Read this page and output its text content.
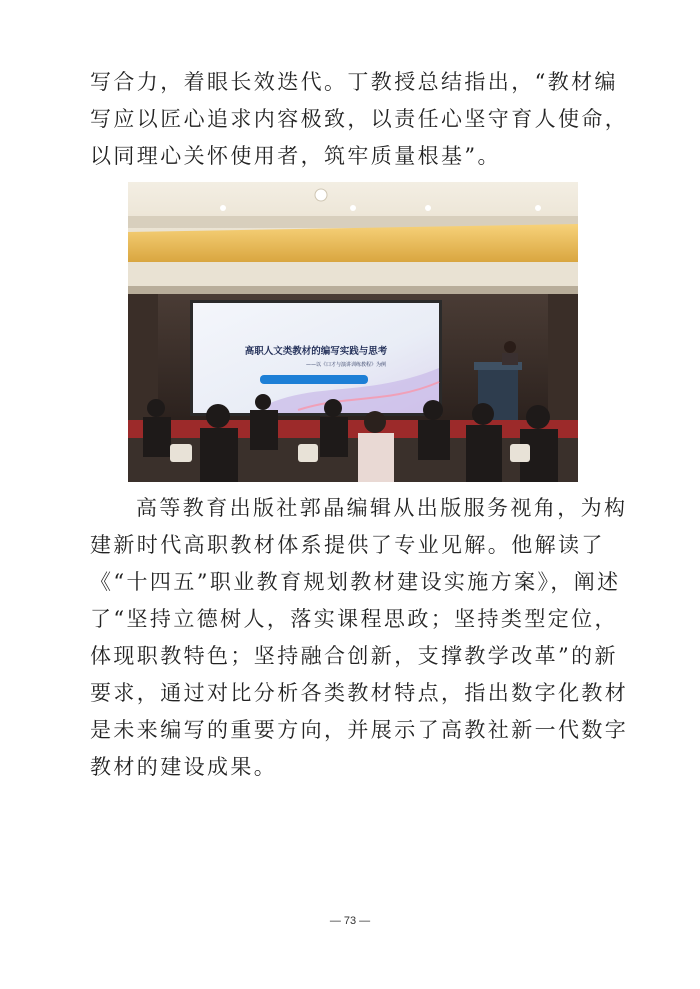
写合力，着眼长效迭代。丁教授总结指出，“教材编写应以匠心追求内容极致，以责任心坚守育人使命，以同理心关怀使用者，筑牢质量根基”。

高职人文类教材的编写实践与思考
——以《口才与演讲训练教程》为例

高等教育出版社郭晶编辑从出版服务视角，为构建新时代高职教材体系提供了专业见解。他解读了《“十四五”职业教育规划教材建设实施方案》，阐述了“坚持立德树人，落实课程思政；坚持类型定位，体现职教特色；坚持融合创新，支撑教学改革”的新要求，通过对比分析各类教材特点，指出数字化教材是未来编写的重要方向，并展示了高教社新一代数字教材的建设成果。

— 73 —
